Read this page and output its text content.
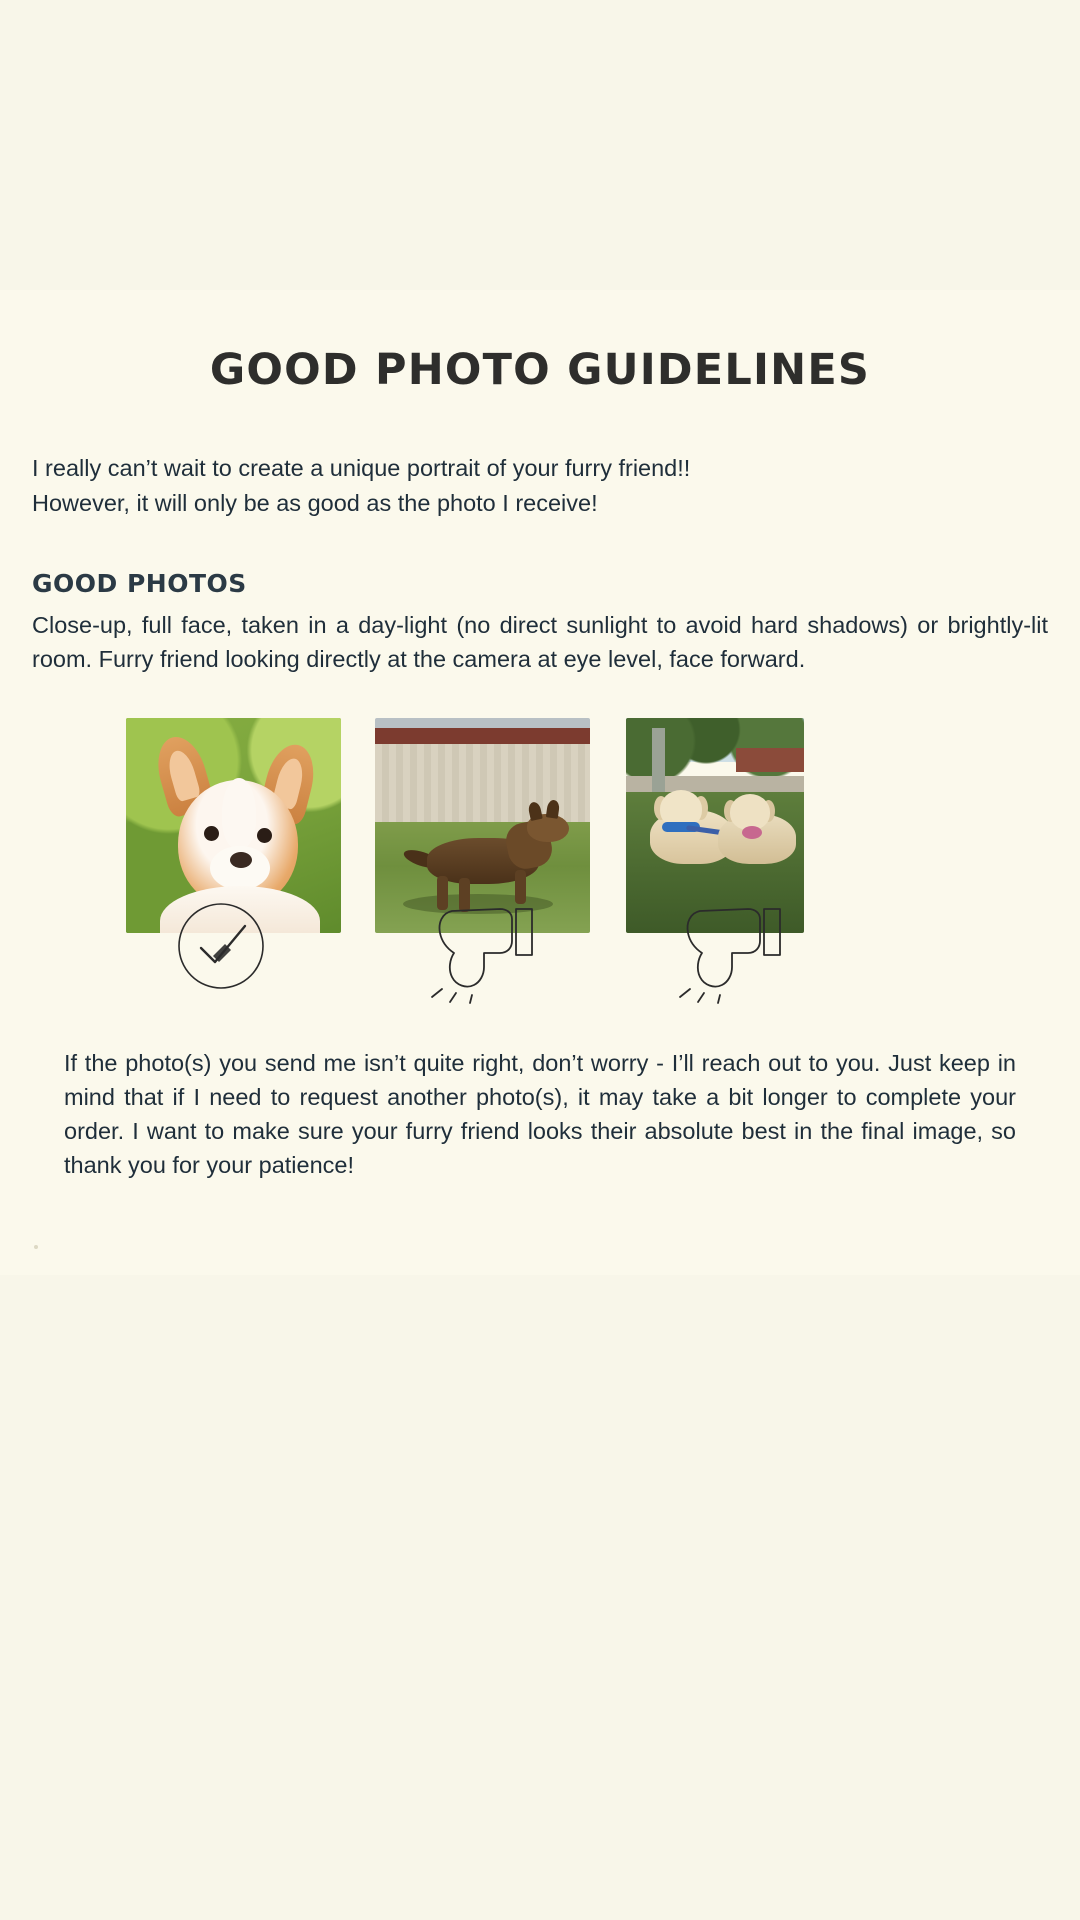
GOOD PHOTO GUIDELINES
I really can’t wait to create a unique portrait of your furry friend!!
However, it will only be as good as the photo I receive!
GOOD PHOTOS
Close-up, full face, taken in a day-light (no direct sunlight to avoid hard shadows) or brightly-lit room. Furry friend looking directly at the camera at eye level, face forward.
If the photo(s) you send me isn’t quite right, don’t worry - I’ll reach out to you. Just keep in mind that if I need to request another photo(s), it may take a bit longer to complete your order. I want to make sure your furry friend looks their absolute best in the final image, so thank you for your patience!
